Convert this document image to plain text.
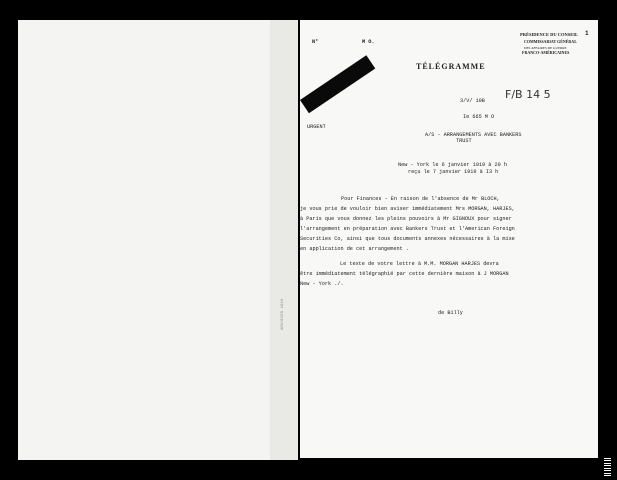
ARCHIVES 1919
N°	M O.
PRÉSIDENCE DU CONSEIL
COMMISSARIAT GÉNÉRAL
DES AFFAIRES DE GUERRE
FRANCO-AMÉRICAINES
1
TÉLÉGRAMME
3/V/ 10B F/B 14 5
Ie 665 M O
URGENT
A/S - ARRANGEMENTS AVEC BANKERS
TRUST
New - York le 6 janvier 1919 à 20 h
reçu le 7 janvier 1919 à I3 h
Pour Finances - En raison de l'absence de Mr BLOCH,
je vous prie de vouloir bien aviser immédiatement Mrs MORGAN, HARJES,
à Paris que vous donnez les pleins pouvoirs à Mr GIGNOUX pour signer
l'arrangement en préparation avec Bankers Trust et l'American Foreign
Securities Co, ainsi que tous documents annexes nécessaires à la mise
en application de cet arrangement .
Le texte de votre lettre à M.M. MORGAN HARJES devra
être immédiatement télégraphié par cette dernière maison à J MORGAN
New - York ./.
de Billy
